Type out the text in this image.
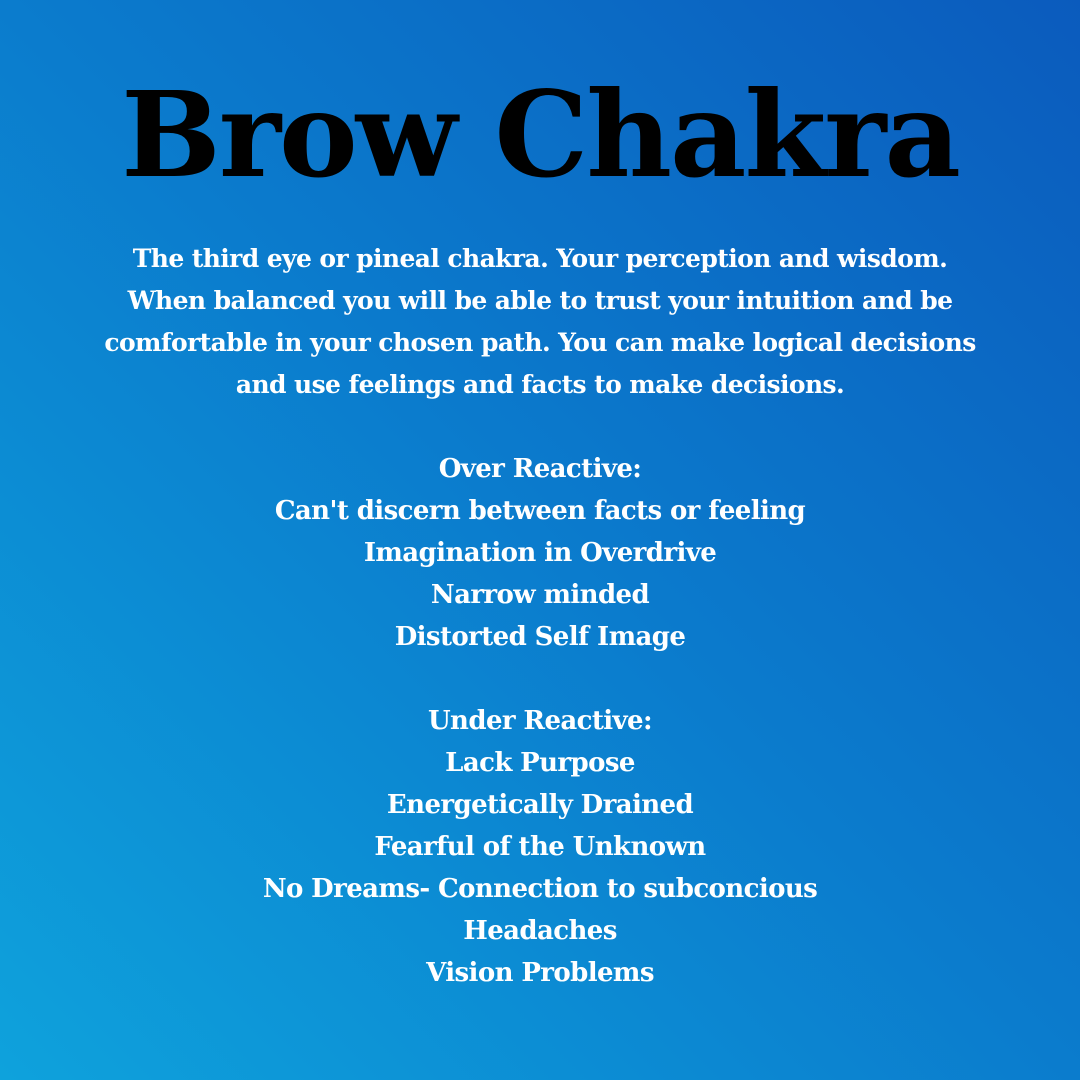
Brow Chakra

The third eye or pineal chakra. Your perception and wisdom.
When balanced you will be able to trust your intuition and be
comfortable in your chosen path. You can make logical decisions
and use feelings and facts to make decisions.

Over Reactive:
Can't discern between facts or feeling
Imagination in Overdrive
Narrow minded
Distorted Self Image
Under Reactive:
Lack Purpose
Energetically Drained
Fearful of the Unknown
No Dreams- Connection to subconcious
Headaches
Vision Problems
